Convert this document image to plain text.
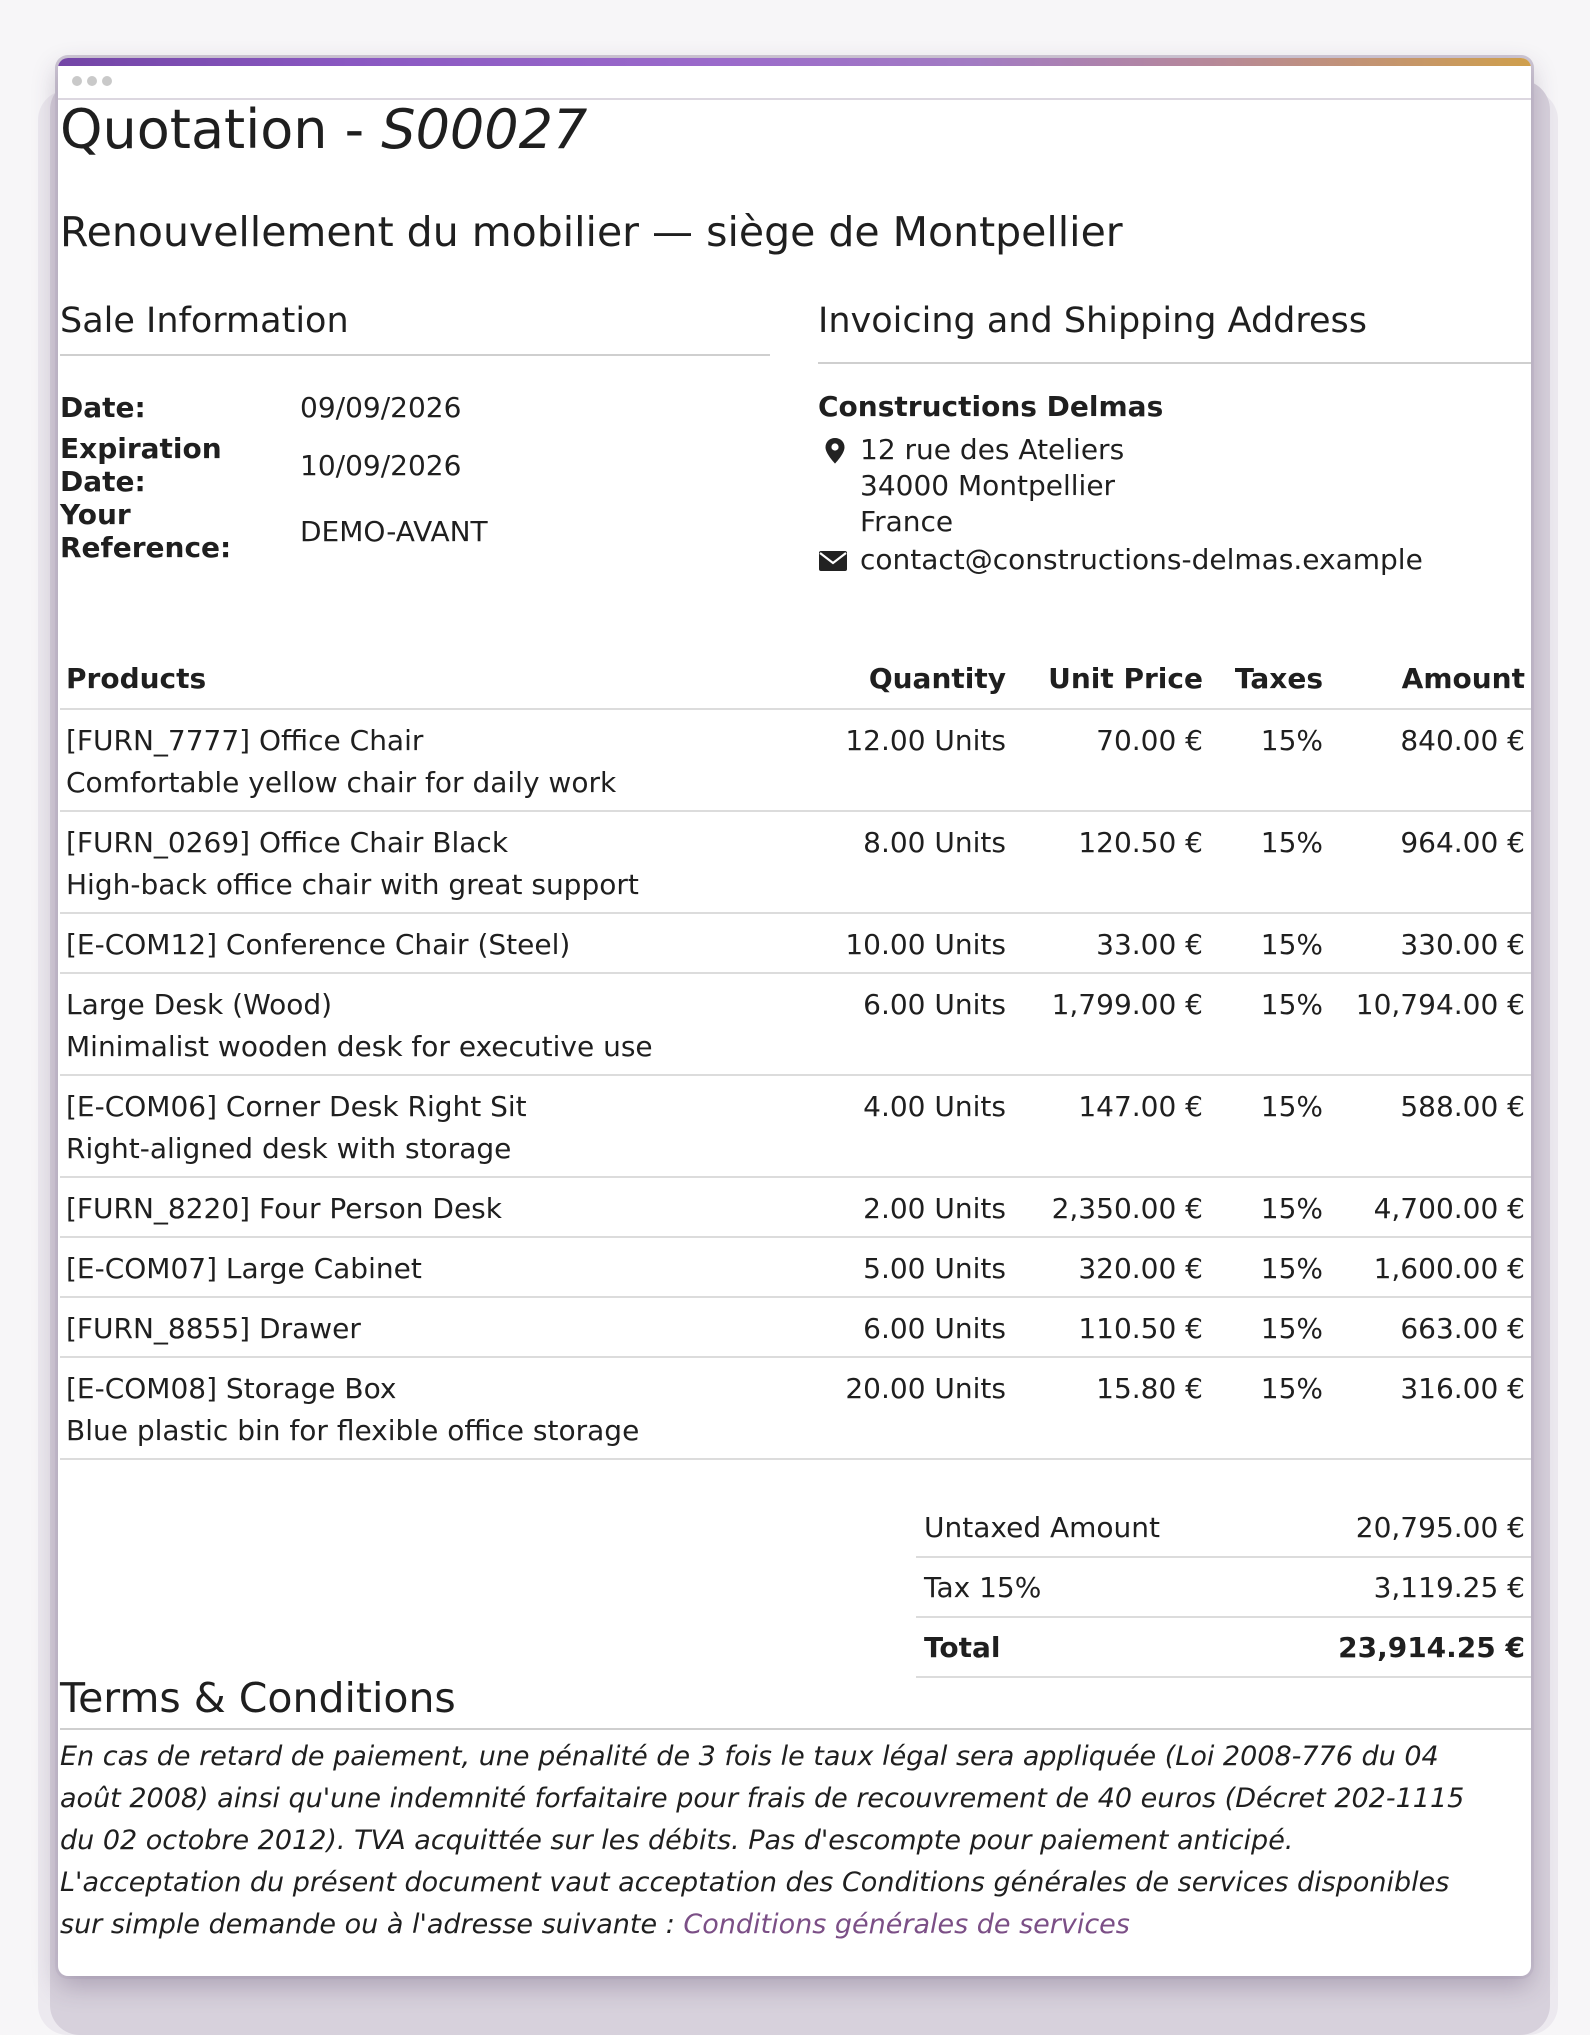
Quotation - S00027
Renouvellement du mobilier — siège de Montpellier
Sale Information
Date:	09/09/2026
Expiration Date:	10/09/2026
Your Reference:	DEMO-AVANT
Invoicing and Shipping Address
Constructions Delmas
12 rue des Ateliers
34000 Montpellier
France
contact@constructions-delmas.example
Products	Quantity	Unit Price	Taxes	Amount

[FURN_7777] Office Chair
Comfortable yellow chair for daily work	12.00 Units	70.00 €	15%	840.00 €

[FURN_0269] Office Chair Black
High-back office chair with great support	8.00 Units	120.50 €	15%	964.00 €

[E-COM12] Conference Chair (Steel)	10.00 Units	33.00 €	15%	330.00 €

Large Desk (Wood)
Minimalist wooden desk for executive use	6.00 Units	1,799.00 €	15%	10,794.00 €

[E-COM06] Corner Desk Right Sit
Right-aligned desk with storage	4.00 Units	147.00 €	15%	588.00 €

[FURN_8220] Four Person Desk	2.00 Units	2,350.00 €	15%	4,700.00 €

[E-COM07] Large Cabinet	5.00 Units	320.00 €	15%	1,600.00 €

[FURN_8855] Drawer	6.00 Units	110.50 €	15%	663.00 €

[E-COM08] Storage Box
Blue plastic bin for flexible office storage	20.00 Units	15.80 €	15%	316.00 €
Untaxed Amount	20,795.00 €
Tax 15%	3,119.25 €
Total	23,914.25 €
Terms & Conditions
En cas de retard de paiement, une pénalité de 3 fois le taux légal sera appliquée (Loi 2008-776 du 04 août 2008) ainsi qu'une indemnité forfaitaire pour frais de recouvrement de 40 euros (Décret 202-1115 du 02 octobre 2012). TVA acquittée sur les débits. Pas d'escompte pour paiement anticipé.
L'acceptation du présent document vaut acceptation des Conditions générales de services disponibles sur simple demande ou à l'adresse suivante : Conditions générales de services
